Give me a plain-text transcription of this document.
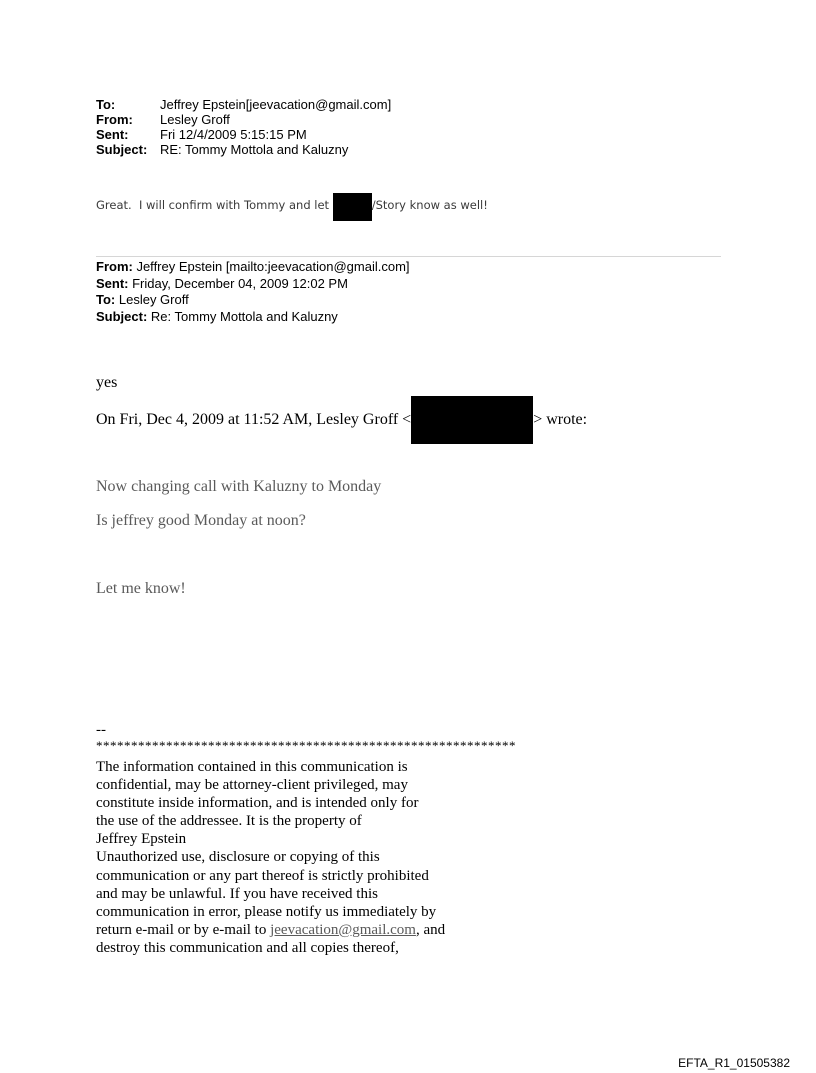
To:	Jeffrey Epstein[jeevacation@gmail.com]
From:	Lesley Groff
Sent:	Fri 12/4/2009 5:15:15 PM
Subject: RE: Tommy Mottola and Kaluzny
Great.  I will confirm with Tommy and let	/Story know as well!
From: Jeffrey Epstein [mailto:jeevacation@gmail.com]
Sent: Friday, December 04, 2009 12:02 PM
To: Lesley Groff
Subject: Re: Tommy Mottola and Kaluzny
yes
On Fri, Dec 4, 2009 at 11:52 AM, Lesley Groff <	> wrote:
Now changing call with Kaluzny to Monday
Is jeffrey good Monday at noon?
Let me know!
--
************************************************************
The information contained in this communication is
confidential, may be attorney-client privileged, may
constitute inside information, and is intended only for
the use of the addressee. It is the property of
Jeffrey Epstein
Unauthorized use, disclosure or copying of this
communication or any part thereof is strictly prohibited
and may be unlawful. If you have received this
communication in error, please notify us immediately by
return e-mail or by e-mail to jeevacation@gmail.com, and
destroy this communication and all copies thereof,
EFTA_R1_01505382
